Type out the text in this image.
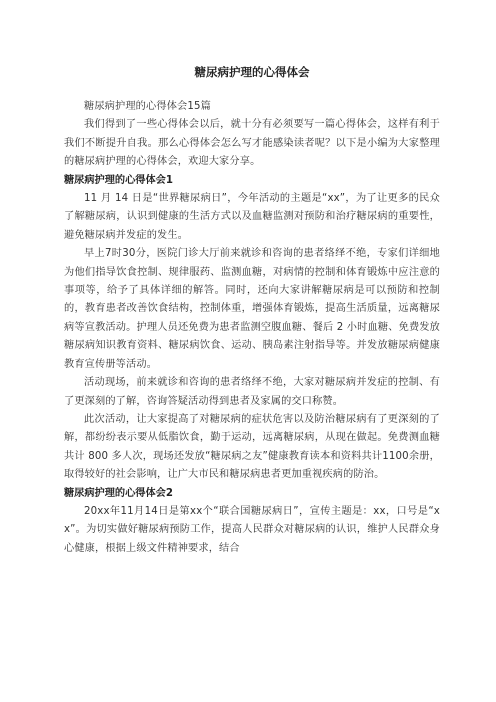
糖尿病护理的心得体会

糖尿病护理的心得体会15篇

我们得到了一些心得体会以后，就十分有必须要写一篇心得体会，这样有利于我们不断提升自我。那么心得体会怎么写才能感染读者呢？以下是小编为大家整理的糖尿病护理的心得体会，欢迎大家分享。

糖尿病护理的心得体会1

11 月 14 日是“世界糖尿病日”，今年活动的主题是“xx”，为了让更多的民众了解糖尿病，认识到健康的生活方式以及血糖监测对预防和治疗糖尿病的重要性，避免糖尿病并发症的发生。

早上7时30分，医院门诊大厅前来就诊和咨询的患者络绎不绝，专家们详细地为他们指导饮食控制、规律服药、监测血糖，对病情的控制和体育锻炼中应注意的事项等，给予了具体详细的解答。同时，还向大家讲解糖尿病是可以预防和控制的，教育患者改善饮食结构，控制体重，增强体育锻炼，提高生活质量，远离糖尿病等宣教活动。护理人员还免费为患者监测空腹血糖、餐后 2 小时血糖、免费发放糖尿病知识教育资料、糖尿病饮食、运动、胰岛素注射指导等。并发放糖尿病健康教育宣传册等活动。

活动现场，前来就诊和咨询的患者络绎不绝，大家对糖尿病并发症的控制、有了更深刻的了解，咨询答疑活动得到患者及家属的交口称赞。

此次活动，让大家提高了对糖尿病的症状危害以及防治糖尿病有了更深刻的了解，都纷纷表示要从低脂饮食，勤于运动，远离糖尿病，从现在做起。免费测血糖共计 800 多人次，现场还发放“糖尿病之友”健康教育读本和资料共计1100余册，取得较好的社会影响，让广大市民和糖尿病患者更加重视疾病的防治。

糖尿病护理的心得体会2

20xx年11月14日是第xx个“联合国糖尿病日”，宣传主题是：xx，口号是“xx”。为切实做好糖尿病预防工作，提高人民群众对糖尿病的认识，维护人民群众身心健康，根据上级文件精神要求，结合
